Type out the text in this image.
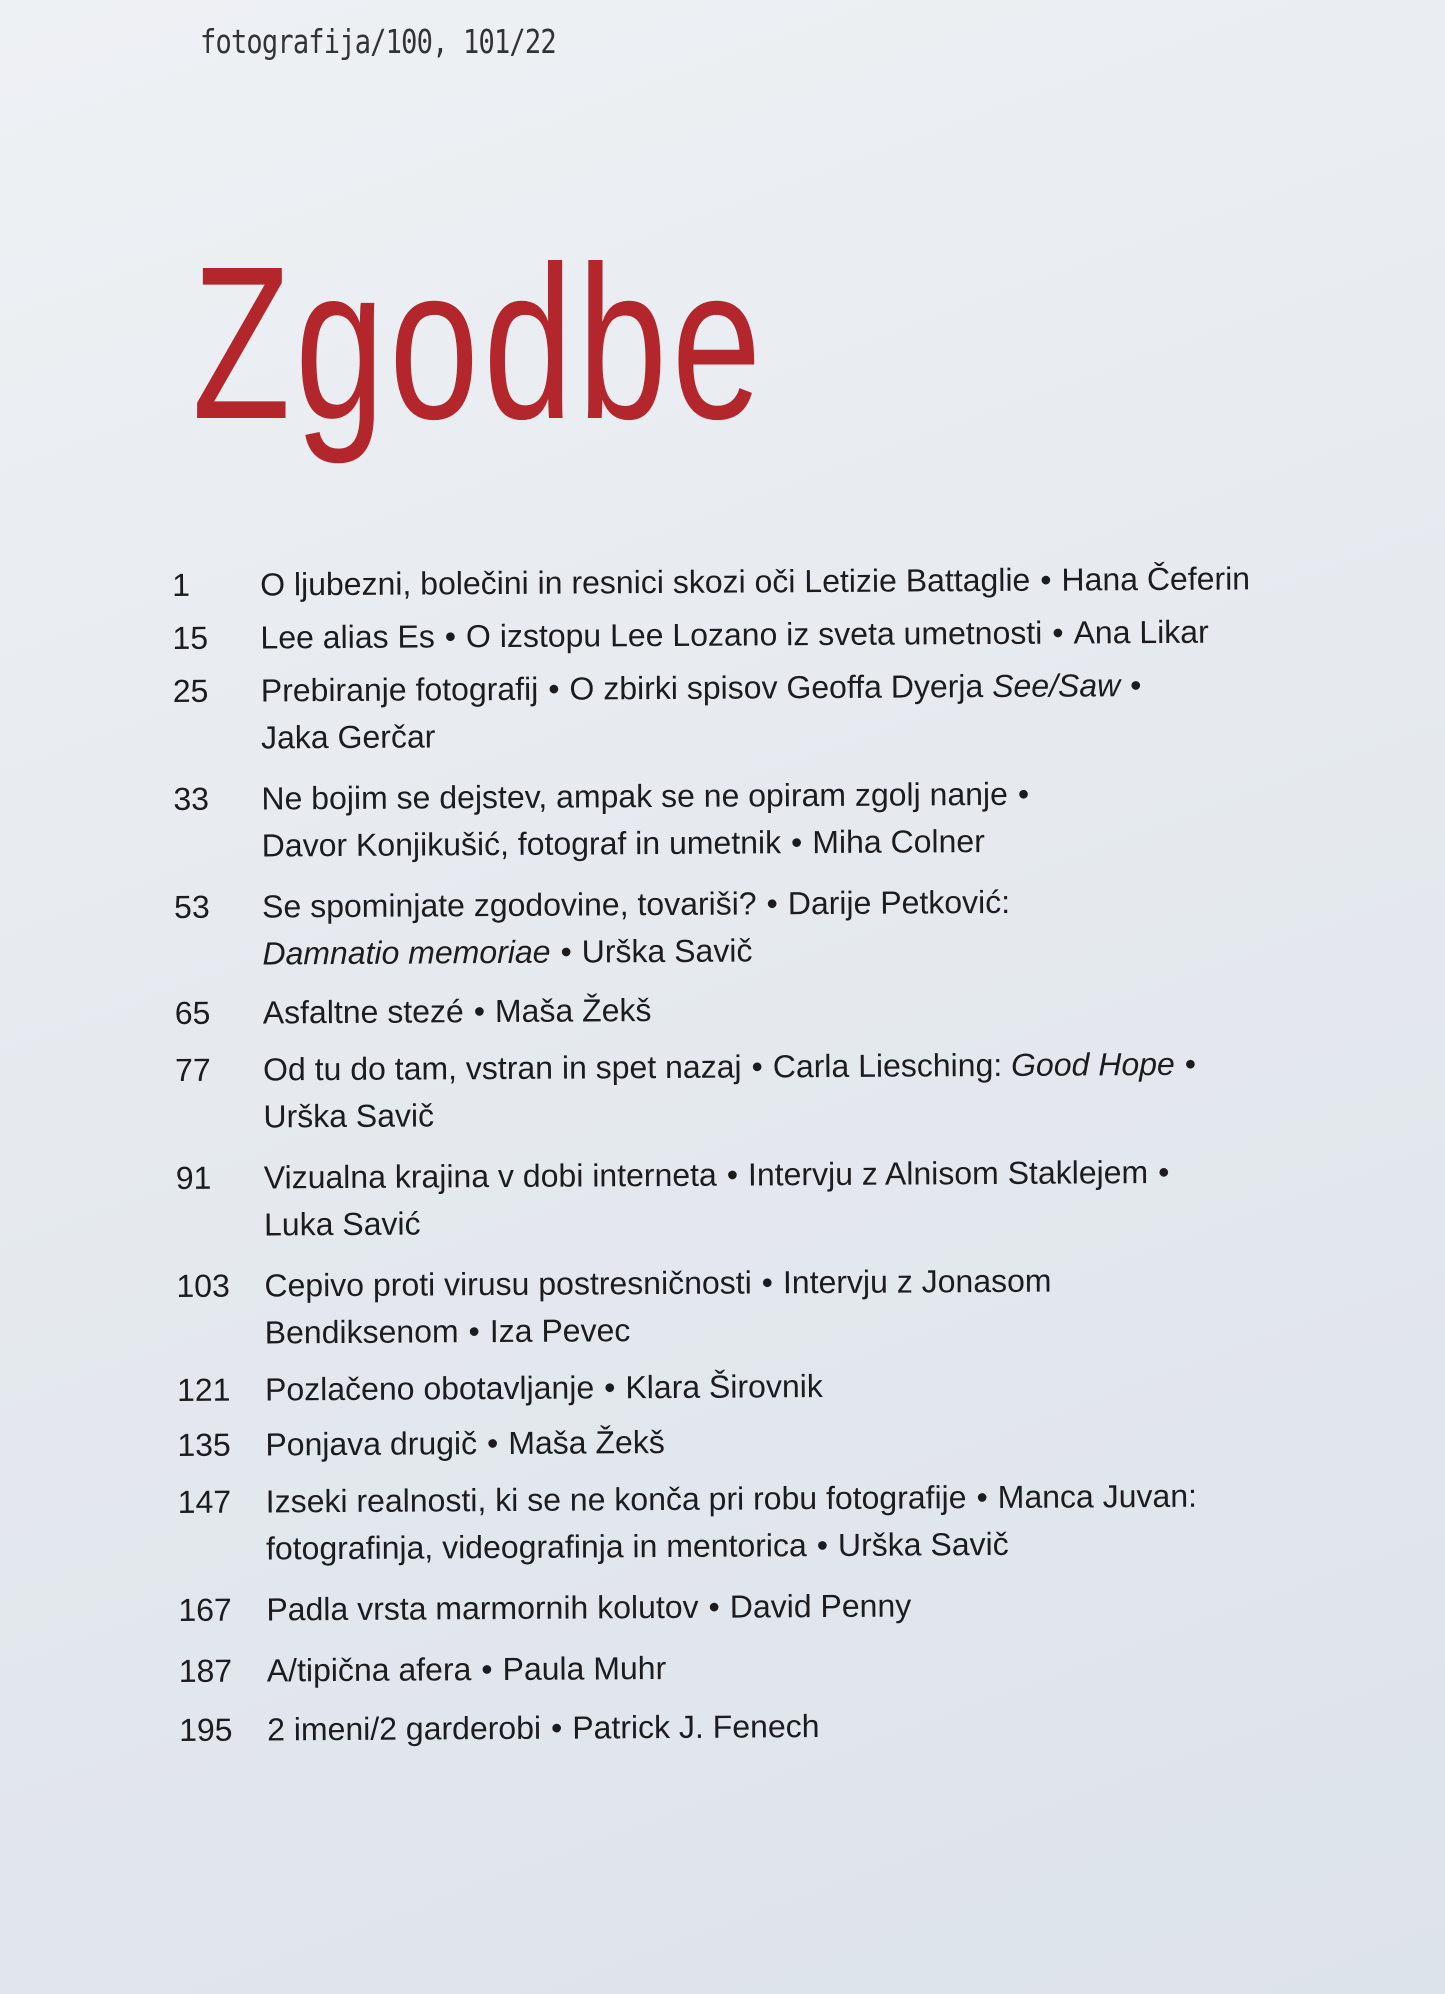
fotografija/100, 101/22
Zgodbe
1	O ljubezni, bolečini in resnici skozi oči Letizie Battaglie • Hana Čeferin
15	Lee alias Es • O izstopu Lee Lozano iz sveta umetnosti • Ana Likar
25	Prebiranje fotografij • O zbirki spisov Geoffa Dyerja See/Saw •
Jaka Gerčar
33	Ne bojim se dejstev, ampak se ne opiram zgolj nanje •
Davor Konjikušić, fotograf in umetnik • Miha Colner
53	Se spominjate zgodovine, tovariši? • Darije Petković:
Damnatio memoriae • Urška Savič
65	Asfaltne stezé • Maša Žekš
77	Od tu do tam, vstran in spet nazaj • Carla Liesching: Good Hope •
Urška Savič
91	Vizualna krajina v dobi interneta • Intervju z Alnisom Staklejem •
Luka Savić
103	Cepivo proti virusu postresničnosti • Intervju z Jonasom
Bendiksenom • Iza Pevec
121	Pozlačeno obotavljanje • Klara Širovnik
135	Ponjava drugič • Maša Žekš
147	Izseki realnosti, ki se ne konča pri robu fotografije • Manca Juvan:
fotografinja, videografinja in mentorica • Urška Savič
167	Padla vrsta marmornih kolutov • David Penny
187	A/tipična afera • Paula Muhr
195	2 imeni/2 garderobi • Patrick J. Fenech
